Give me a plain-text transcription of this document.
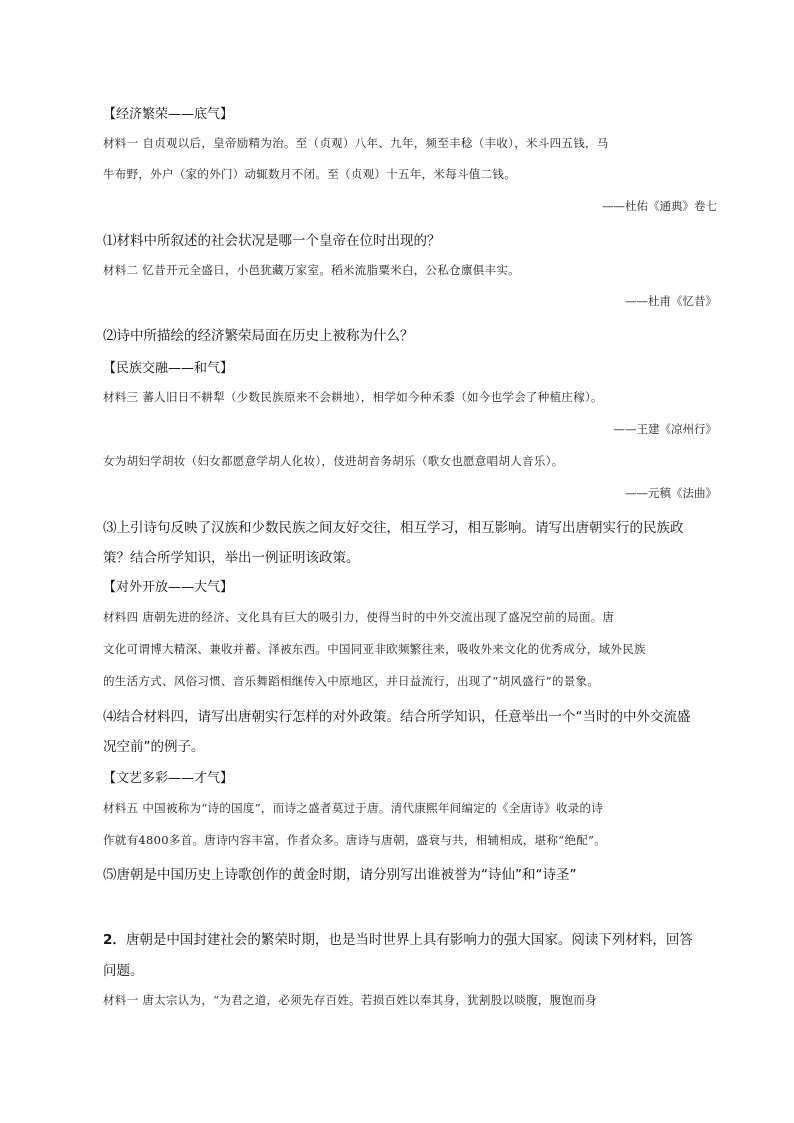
【经济繁荣——底气】
材料一 自贞观以后，皇帝励精为治。至（贞观）八年、九年，频至丰稔（丰收），米斗四五钱，马
牛布野，外户（家的外门）动辄数月不闭。至（贞观）十五年，米每斗值二钱。
——杜佑《通典》卷七
⑴材料中所叙述的社会状况是哪一个皇帝在位时出现的？
材料二 忆昔开元全盛日，小邑犹藏万家室。稻米流脂粟米白，公私仓廪俱丰实。
——杜甫《忆昔》
⑵诗中所描绘的经济繁荣局面在历史上被称为什么？
【民族交融——和气】
材料三 蕃人旧日不耕犁（少数民族原来不会耕地），相学如今种禾黍（如今也学会了种植庄稼）。
——王建《凉州行》
女为胡妇学胡妆（妇女都愿意学胡人化妆），伎进胡音务胡乐（歌女也愿意唱胡人音乐）。
——元稹《法曲》
⑶上引诗句反映了汉族和少数民族之间友好交往，相互学习，相互影响。请写出唐朝实行的民族政
策？结合所学知识，举出一例证明该政策。
【对外开放——大气】
材料四 唐朝先进的经济、文化具有巨大的吸引力，使得当时的中外交流出现了盛况空前的局面。唐
文化可谓博大精深、兼收并蓄、泽被东西。中国同亚非欧频繁往来，吸收外来文化的优秀成分，域外民族
的生活方式、风俗习惯、音乐舞蹈相继传入中原地区，并日益流行，出现了“胡风盛行”的景象。
⑷结合材料四，请写出唐朝实行怎样的对外政策。结合所学知识，任意举出一个“当时的中外交流盛
况空前”的例子。
【文艺多彩——才气】
材料五 中国被称为“诗的国度”，而诗之盛者莫过于唐。清代康熙年间编定的《全唐诗》收录的诗
作就有4800多首。唐诗内容丰富，作者众多。唐诗与唐朝，盛衰与共，相辅相成，堪称“绝配”。
⑸唐朝是中国历史上诗歌创作的黄金时期，请分别写出谁被誉为“诗仙”和“诗圣”
2．唐朝是中国封建社会的繁荣时期，也是当时世界上具有影响力的强大国家。阅读下列材料，回答
问题。
材料一 唐太宗认为，“为君之道，必须先存百姓。若损百姓以奉其身，犹割股以啖腹，腹饱而身
